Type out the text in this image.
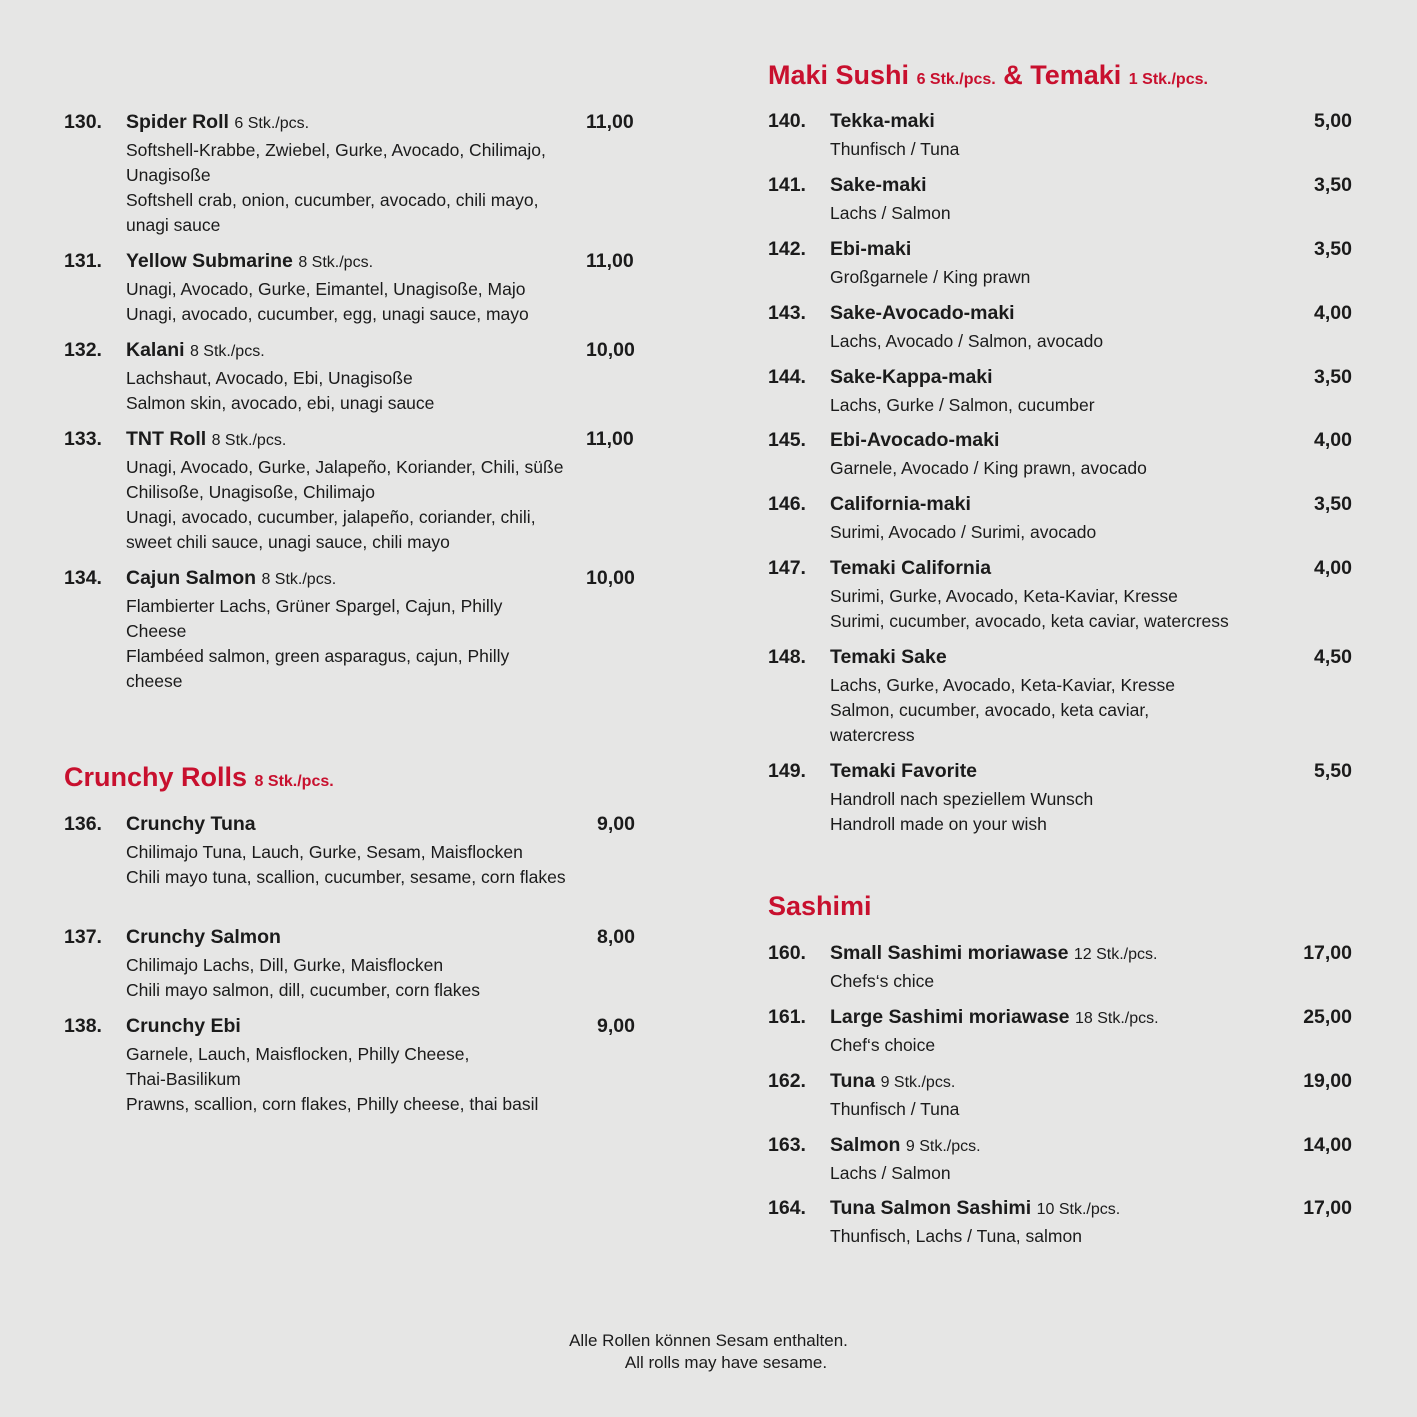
130. Spider Roll 6 Stk./pcs.	11,00
Softshell-Krabbe, Zwiebel, Gurke, Avocado, Chilimajo, Unagisoße
Softshell crab, onion, cucumber, avocado, chili mayo, unagi sauce
131. Yellow Submarine 8 Stk./pcs.	11,00
Unagi, Avocado, Gurke, Eimantel, Unagisoße, Majo
Unagi, avocado, cucumber, egg, unagi sauce, mayo
132. Kalani 8 Stk./pcs.	10,00
Lachshaut, Avocado, Ebi, Unagisoße
Salmon skin, avocado, ebi, unagi sauce
133. TNT Roll 8 Stk./pcs.	11,00
Unagi, Avocado, Gurke, Jalapeño, Koriander, Chili, süße Chilisoße, Unagisoße, Chilimajo
Unagi, avocado, cucumber, jalapeño, coriander, chili, sweet chili sauce, unagi sauce, chili mayo
134. Cajun Salmon 8 Stk./pcs.	10,00
Flambierter Lachs, Grüner Spargel, Cajun, Philly Cheese
Flambéed salmon, green asparagus, cajun, Philly cheese
Crunchy Rolls 8 Stk./pcs.
136. Crunchy Tuna	9,00
Chilimajo Tuna, Lauch, Gurke, Sesam, Maisflocken
Chili mayo tuna, scallion, cucumber, sesame, corn flakes
137. Crunchy Salmon	8,00
Chilimajo Lachs, Dill, Gurke, Maisflocken
Chili mayo salmon, dill, cucumber, corn flakes
138. Crunchy Ebi	9,00
Garnele, Lauch, Maisflocken, Philly Cheese, Thai-Basilikum
Prawns, scallion, corn flakes, Philly cheese, thai basil
Maki Sushi 6 Stk./pcs. & Temaki 1 Stk./pcs.
140. Tekka-maki	5,00
Thunfisch / Tuna
141. Sake-maki	3,50
Lachs / Salmon
142. Ebi-maki	3,50
Großgarnele / King prawn
143. Sake-Avocado-maki	4,00
Lachs, Avocado / Salmon, avocado
144. Sake-Kappa-maki	3,50
Lachs, Gurke / Salmon, cucumber
145. Ebi-Avocado-maki	4,00
Garnele, Avocado / King prawn, avocado
146. California-maki	3,50
Surimi, Avocado / Surimi, avocado
147. Temaki California	4,00
Surimi, Gurke, Avocado, Keta-Kaviar, Kresse
Surimi, cucumber, avocado, keta caviar, watercress
148. Temaki Sake	4,50
Lachs, Gurke, Avocado, Keta-Kaviar, Kresse
Salmon, cucumber, avocado, keta caviar, watercress
149. Temaki Favorite	5,50
Handroll nach speziellem Wunsch
Handroll made on your wish
Sashimi
160. Small Sashimi moriawase 12 Stk./pcs.	17,00
Chefs‘s chice
161. Large Sashimi moriawase 18 Stk./pcs.	25,00
Chef‘s choice
162. Tuna 9 Stk./pcs.	19,00
Thunfisch / Tuna
163. Salmon 9 Stk./pcs.	14,00
Lachs / Salmon
164. Tuna Salmon Sashimi 10 Stk./pcs.	17,00
Thunfisch, Lachs / Tuna, salmon
Alle Rollen können Sesam enthalten.
All rolls may have sesame.
